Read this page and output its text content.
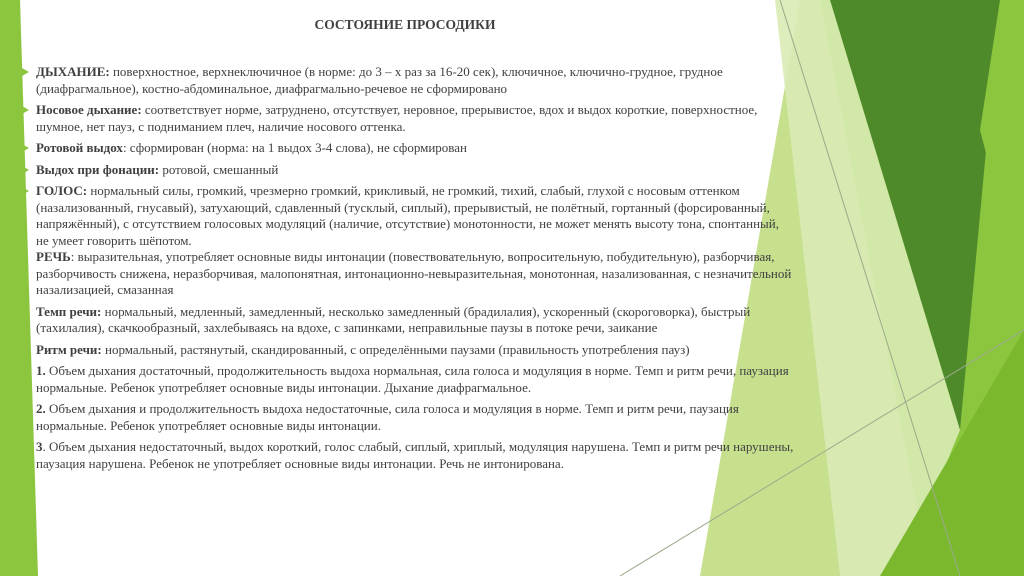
СОСТОЯНИЕ ПРОСОДИКИ
ДЫХАНИЕ: поверхностное, верхнеключичное (в норме: до 3 – х раз за 16-20 сек), ключичное, ключично-грудное, грудное (диафрагмальное), костно-абдоминальное, диафрагмально-речевое не сформировано
Носовое дыхание: соответствует норме, затруднено, отсутствует, неровное, прерывистое, вдох и выдох короткие, поверхностное, шумное, нет пауз, с подниманием плеч, наличие носового оттенка.
Ротовой выдох: сформирован (норма: на 1 выдох 3-4 слова), не сформирован
Выдох при фонации: ротовой, смешанный
ГОЛОС: нормальный силы, громкий, чрезмерно громкий, крикливый, не громкий, тихий, слабый, глухой с носовым оттенком (назализованный, гнусавый), затухающий, сдавленный (тусклый, сиплый), прерывистый, не полётный, гортанный (форсированный, напряжённый), с отсутствием голосовых модуляций (наличие, отсутствие) монотонности, не может менять высоту тона, спонтанный, не умеет говорить шёпотом.
РЕЧЬ: выразительная, употребляет основные виды интонации (повествовательную, вопросительную, побудительную), разборчивая, разборчивость снижена, неразборчивая, малопонятная, интонационно-невыразительная, монотонная, назализованная, с незначительной назализацией, смазанная
Темп речи: нормальный, медленный, замедленный, несколько замедленный (брадилалия), ускоренный (скороговорка), быстрый (тахилалия), скачкообразный, захлебываясь на вдохе, с запинками, неправильные паузы в потоке речи, заикание
Ритм речи: нормальный, растянутый, скандированный, с определёнными паузами (правильность употребления пауз)
1. Объем дыхания достаточный, продолжительность выдоха нормальная, сила голоса и модуляция в норме. Темп и ритм речи, паузация нормальные. Ребенок употребляет основные виды интонации. Дыхание диафрагмальное.
2. Объем дыхания и продолжительность выдоха недостаточные, сила голоса и модуляция в норме. Темп и ритм речи, паузация нормальные. Ребенок употребляет основные виды интонации.
3. Объем дыхания недостаточный, выдох короткий, голос слабый, сиплый, хриплый, модуляция нарушена. Темп и ритм речи нарушены, паузация нарушена. Ребенок не употребляет основные виды интонации. Речь не интонирована.
